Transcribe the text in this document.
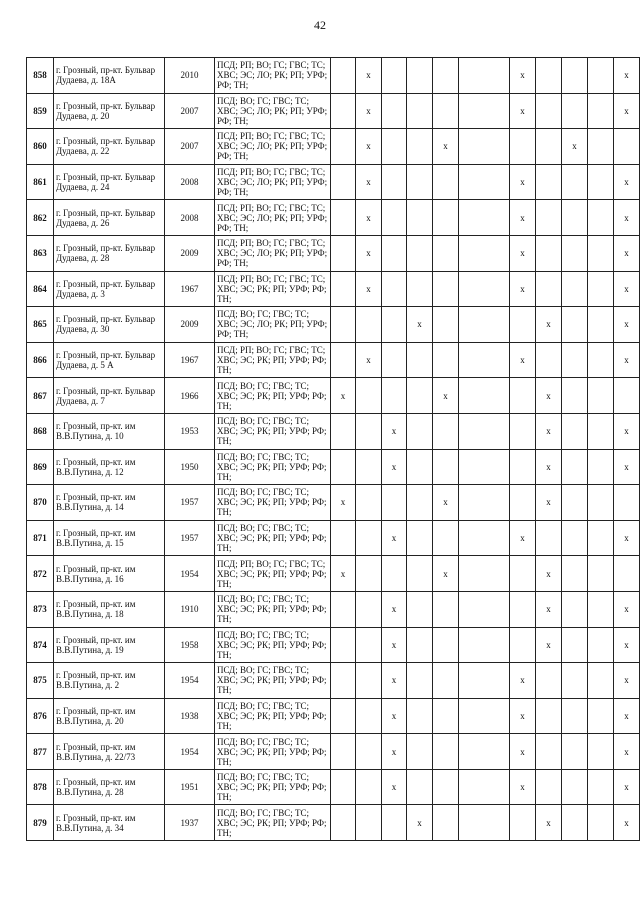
42
858	г. Грозный, пр-кт. Бульвар Дудаева, д. 18А	2010	ПСД; РП; ВО; ГС; ГВС; ТС; ХВС; ЭС; ЛО; РК; РП; УРФ; РФ; ТН;		x					x				x
859	г. Грозный, пр-кт. Бульвар Дудаева, д. 20	2007	ПСД; ВО; ГС; ГВС; ТС; ХВС; ЭС; ЛО; РК; РП; УРФ; РФ; ТН;		x					x				x
860	г. Грозный, пр-кт. Бульвар Дудаева, д. 22	2007	ПСД; РП; ВО; ГС; ГВС; ТС; ХВС; ЭС; ЛО; РК; РП; УРФ; РФ; ТН;		x			x				x		
861	г. Грозный, пр-кт. Бульвар Дудаева, д. 24	2008	ПСД; РП; ВО; ГС; ГВС; ТС; ХВС; ЭС; ЛО; РК; РП; УРФ; РФ; ТН;		x					x				x
862	г. Грозный, пр-кт. Бульвар Дудаева, д. 26	2008	ПСД; РП; ВО; ГС; ГВС; ТС; ХВС; ЭС; ЛО; РК; РП; УРФ; РФ; ТН;		x					x				x
863	г. Грозный, пр-кт. Бульвар Дудаева, д. 28	2009	ПСД; РП; ВО; ГС; ГВС; ТС; ХВС; ЭС; ЛО; РК; РП; УРФ; РФ; ТН;		x					x				x
864	г. Грозный, пр-кт. Бульвар Дудаева, д. 3	1967	ПСД; РП; ВО; ГС; ГВС; ТС; ХВС; ЭС; РК; РП; УРФ; РФ; ТН;		x					x				x
865	г. Грозный, пр-кт. Бульвар Дудаева, д. 30	2009	ПСД; ВО; ГС; ГВС; ТС; ХВС; ЭС; ЛО; РК; РП; УРФ; РФ; ТН;				x				x			x
866	г. Грозный, пр-кт. Бульвар Дудаева, д. 5 А	1967	ПСД; РП; ВО; ГС; ГВС; ТС; ХВС; ЭС; РК; РП; УРФ; РФ; ТН;		x					x				x
867	г. Грозный, пр-кт. Бульвар Дудаева, д. 7	1966	ПСД; ВО; ГС; ГВС; ТС; ХВС; ЭС; РК; РП; УРФ; РФ; ТН;	x				x			x			
868	г. Грозный, пр-кт. им В.В.Путина, д. 10	1953	ПСД; ВО; ГС; ГВС; ТС; ХВС; ЭС; РК; РП; УРФ; РФ; ТН;			x					x			x
869	г. Грозный, пр-кт. им В.В.Путина, д. 12	1950	ПСД; ВО; ГС; ГВС; ТС; ХВС; ЭС; РК; РП; УРФ; РФ; ТН;			x					x			x
870	г. Грозный, пр-кт. им В.В.Путина, д. 14	1957	ПСД; ВО; ГС; ГВС; ТС; ХВС; ЭС; РК; РП; УРФ; РФ; ТН;	x				x			x			
871	г. Грозный, пр-кт. им В.В.Путина, д. 15	1957	ПСД; ВО; ГС; ГВС; ТС; ХВС; ЭС; РК; РП; УРФ; РФ; ТН;			x				x				x
872	г. Грозный, пр-кт. им В.В.Путина, д. 16	1954	ПСД; РП; ВО; ГС; ГВС; ТС; ХВС; ЭС; РК; РП; УРФ; РФ; ТН;	x				x			x			
873	г. Грозный, пр-кт. им В.В.Путина, д. 18	1910	ПСД; ВО; ГС; ГВС; ТС; ХВС; ЭС; РК; РП; УРФ; РФ; ТН;			x					x			x
874	г. Грозный, пр-кт. им В.В.Путина, д. 19	1958	ПСД; ВО; ГС; ГВС; ТС; ХВС; ЭС; РК; РП; УРФ; РФ; ТН;			x					x			x
875	г. Грозный, пр-кт. им В.В.Путина, д. 2	1954	ПСД; ВО; ГС; ГВС; ТС; ХВС; ЭС; РК; РП; УРФ; РФ; ТН;			x				x				x
876	г. Грозный, пр-кт. им В.В.Путина, д. 20	1938	ПСД; ВО; ГС; ГВС; ТС; ХВС; ЭС; РК; РП; УРФ; РФ; ТН;			x				x				x
877	г. Грозный, пр-кт. им В.В.Путина, д. 22/73	1954	ПСД; ВО; ГС; ГВС; ТС; ХВС; ЭС; РК; РП; УРФ; РФ; ТН;			x				x				x
878	г. Грозный, пр-кт. им В.В.Путина, д. 28	1951	ПСД; ВО; ГС; ГВС; ТС; ХВС; ЭС; РК; РП; УРФ; РФ; ТН;			x				x				x
879	г. Грозный, пр-кт. им В.В.Путина, д. 34	1937	ПСД; ВО; ГС; ГВС; ТС; ХВС; ЭС; РК; РП; УРФ; РФ; ТН;				x				x			x
